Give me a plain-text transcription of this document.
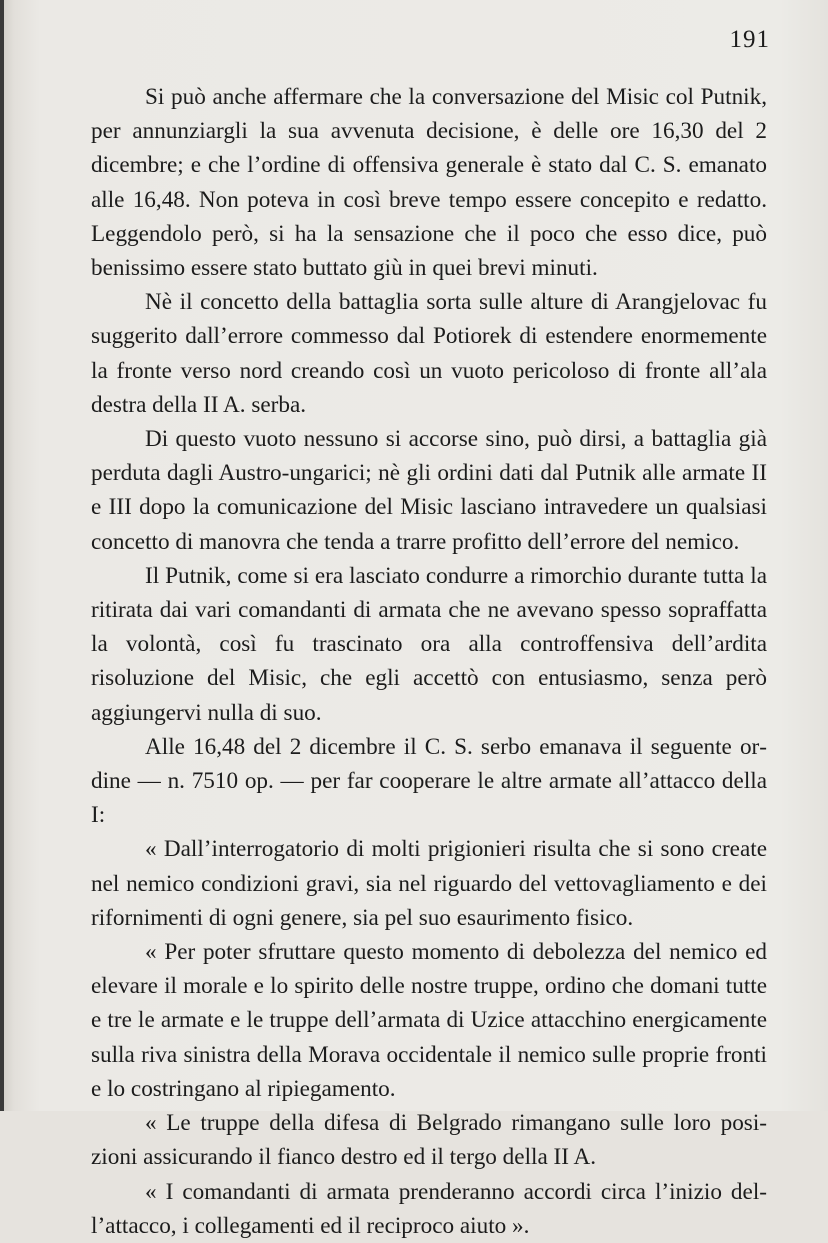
191

Si può anche affermare che la conversazione del Misic col Putnik, per annunziargli la sua avvenuta decisione, è delle ore 16,30 del 2 dicembre; e che l’ordine di offensiva generale è stato dal C. S. emanato alle 16,48. Non poteva in così breve tempo essere concepito e redatto. Leggendolo però, si ha la sensazione che il poco che esso dice, può benissimo essere stato buttato giù in quei brevi minuti.

Nè il concetto della battaglia sorta sulle alture di Arangjelovac fu suggerito dall’errore commesso dal Potiorek di estendere enormemente la fronte verso nord creando così un vuoto pericoloso di fronte all’ala destra della II A. serba.

Di questo vuoto nessuno si accorse sino, può dirsi, a battaglia già perduta dagli Austro-ungarici; nè gli ordini dati dal Putnik alle armate II e III dopo la comunicazione del Misic lasciano intravedere un qualsiasi concetto di manovra che tenda a trarre profitto dell’errore del nemico.

Il Putnik, come si era lasciato condurre a rimorchio durante tutta la ritirata dai vari comandanti di armata che ne avevano spesso sopraffatta la volontà, così fu trascinato ora alla controffensiva dell’ardita risoluzione del Misic, che egli accettò con entusiasmo, senza però aggiungervi nulla di suo.

Alle 16,48 del 2 dicembre il C. S. serbo emanava il seguente ordine — n. 7510 op. — per far cooperare le altre armate all’attacco della I:

« Dall’interrogatorio di molti prigionieri risulta che si sono create nel nemico condizioni gravi, sia nel riguardo del vettovagliamento e dei rifornimenti di ogni genere, sia pel suo esaurimento fisico.

« Per poter sfruttare questo momento di debolezza del nemico ed elevare il morale e lo spirito delle nostre truppe, ordino che domani tutte e tre le armate e le truppe dell’armata di Uzice attacchino energicamente sulla riva sinistra della Morava occidentale il nemico sulle proprie fronti e lo costringano al ripiegamento.

« Le truppe della difesa di Belgrado rimangano sulle loro posizioni assicurando il fianco destro ed il tergo della II A.

« I comandanti di armata prenderanno accordi circa l’inizio dell’attacco, i collegamenti ed il reciproco aiuto ».
